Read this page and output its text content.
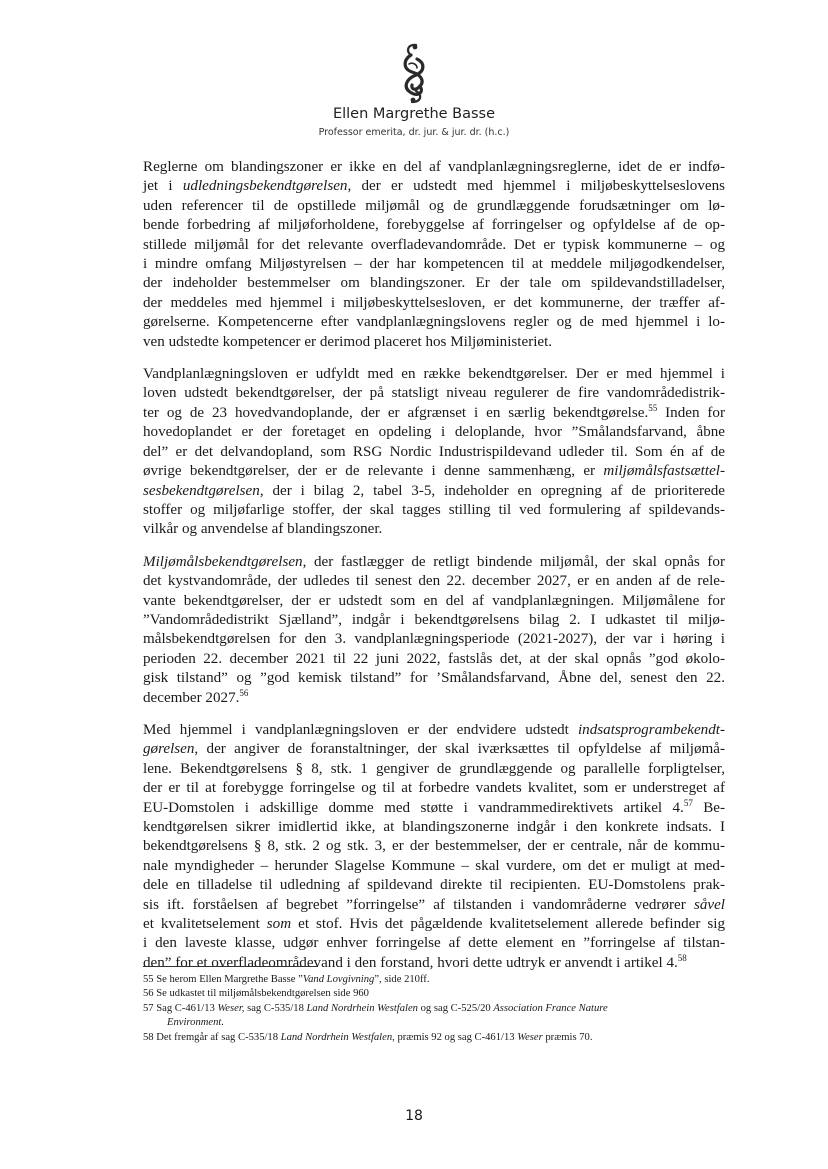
Ellen Margrethe Basse
Professor emerita, dr. jur. & jur. dr. (h.c.)
Reglerne om blandingszoner er ikke en del af vandplanlægningsreglerne, idet de er indfø-
jet i udledningsbekendtgørelsen, der er udstedt med hjemmel i miljøbeskyttelseslovens
uden referencer til de opstillede miljømål og de grundlæggende forudsætninger om lø-
bende forbedring af miljøforholdene, forebyggelse af forringelser og opfyldelse af de op-
stillede miljømål for det relevante overfladevandområde. Det er typisk kommunerne – og
i mindre omfang Miljøstyrelsen – der har kompetencen til at meddele miljøgodkendelser,
der indeholder bestemmelser om blandingszoner. Er der tale om spildevandstilladelser,
der meddeles med hjemmel i miljøbeskyttelsesloven, er det kommunerne, der træffer af-
gørelserne. Kompetencerne efter vandplanlægningslovens regler og de med hjemmel i lo-
ven udstedte kompetencer er derimod placeret hos Miljøministeriet.
Vandplanlægningsloven er udfyldt med en række bekendtgørelser. Der er med hjemmel i
loven udstedt bekendtgørelser, der på statsligt niveau regulerer de fire vandområdedistrik-
ter og de 23 hovedvandoplande, der er afgrænset i en særlig bekendtgørelse.$^{55}$ Inden for
hovedoplandet er der foretaget en opdeling i deloplande, hvor ”Smålandsfarvand, åbne
del” er det delvandopland, som RSG Nordic Industrispildevand udleder til. Som én af de
øvrige bekendtgørelser, der er de relevante i denne sammenhæng, er miljømålsfastsættel-
sesbekendtgørelsen, der i bilag 2, tabel 3-5, indeholder en opregning af de prioriterede
stoffer og miljøfarlige stoffer, der skal tagges stilling til ved formulering af spildevands-
vilkår og anvendelse af blandingszoner.
Miljømålsbekendtgørelsen, der fastlægger de retligt bindende miljømål, der skal opnås for
det kystvandområde, der udledes til senest den 22. december 2027, er en anden af de rele-
vante bekendtgørelser, der er udstedt som en del af vandplanlægningen. Miljømålene for
”Vandområdedistrikt Sjælland”, indgår i bekendtgørelsens bilag 2. I udkastet til miljø-
målsbekendtgørelsen for den 3. vandplanlægningsperiode (2021-2027), der var i høring i
perioden 22. december 2021 til 22 juni 2022, fastslås det, at der skal opnås ”god økolo-
gisk tilstand” og ”god kemisk tilstand” for ’Smålandsfarvand, Åbne del, senest den 22.
december 2027.56
Med hjemmel i vandplanlægningsloven er der endvidere udstedt indsatsprogrambekendt-
gørelsen, der angiver de foranstaltninger, der skal iværksættes til opfyldelse af miljømå-
lene. Bekendtgørelsens § 8, stk. 1 gengiver de grundlæggende og parallelle forpligtelser,
der er til at forebygge forringelse og til at forbedre vandets kvalitet, som er understreget af
EU-Domstolen i adskillige domme med støtte i vandrammedirektivets artikel 4.57 Be-
kendtgørelsen sikrer imidlertid ikke, at blandingszonerne indgår i den konkrete indsats. I
bekendtgørelsens § 8, stk. 2 og stk. 3, er der bestemmelser, der er centrale, når de kommu-
nale myndigheder – herunder Slagelse Kommune – skal vurdere, om det er muligt at med-
dele en tilladelse til udledning af spildevand direkte til recipienten. EU-Domstolens prak-
sis ift. forståelsen af begrebet ”forringelse” af tilstanden i vandområderne vedrører såvel
et kvalitetselement som et stof. Hvis det pågældende kvalitetselement allerede befinder sig
i den laveste klasse, udgør enhver forringelse af dette element en ”forringelse af tilstan-
den” for et overfladeområdevand i den forstand, hvori dette udtryk er anvendt i artikel 4.58
55 Se herom Ellen Margrethe Basse ”Vand Lovgivning”, side 210ff.
56 Se udkastet til miljømålsbekendtgørelsen side 960
57 Sag C-461/13 Weser, sag C-535/18 Land Nordrhein Westfalen og sag C-525/20 Association France Nature
Environment.
58 Det fremgår af sag C-535/18 Land Nordrhein Westfalen, præmis 92 og sag C-461/13 Weser præmis 70.
18
